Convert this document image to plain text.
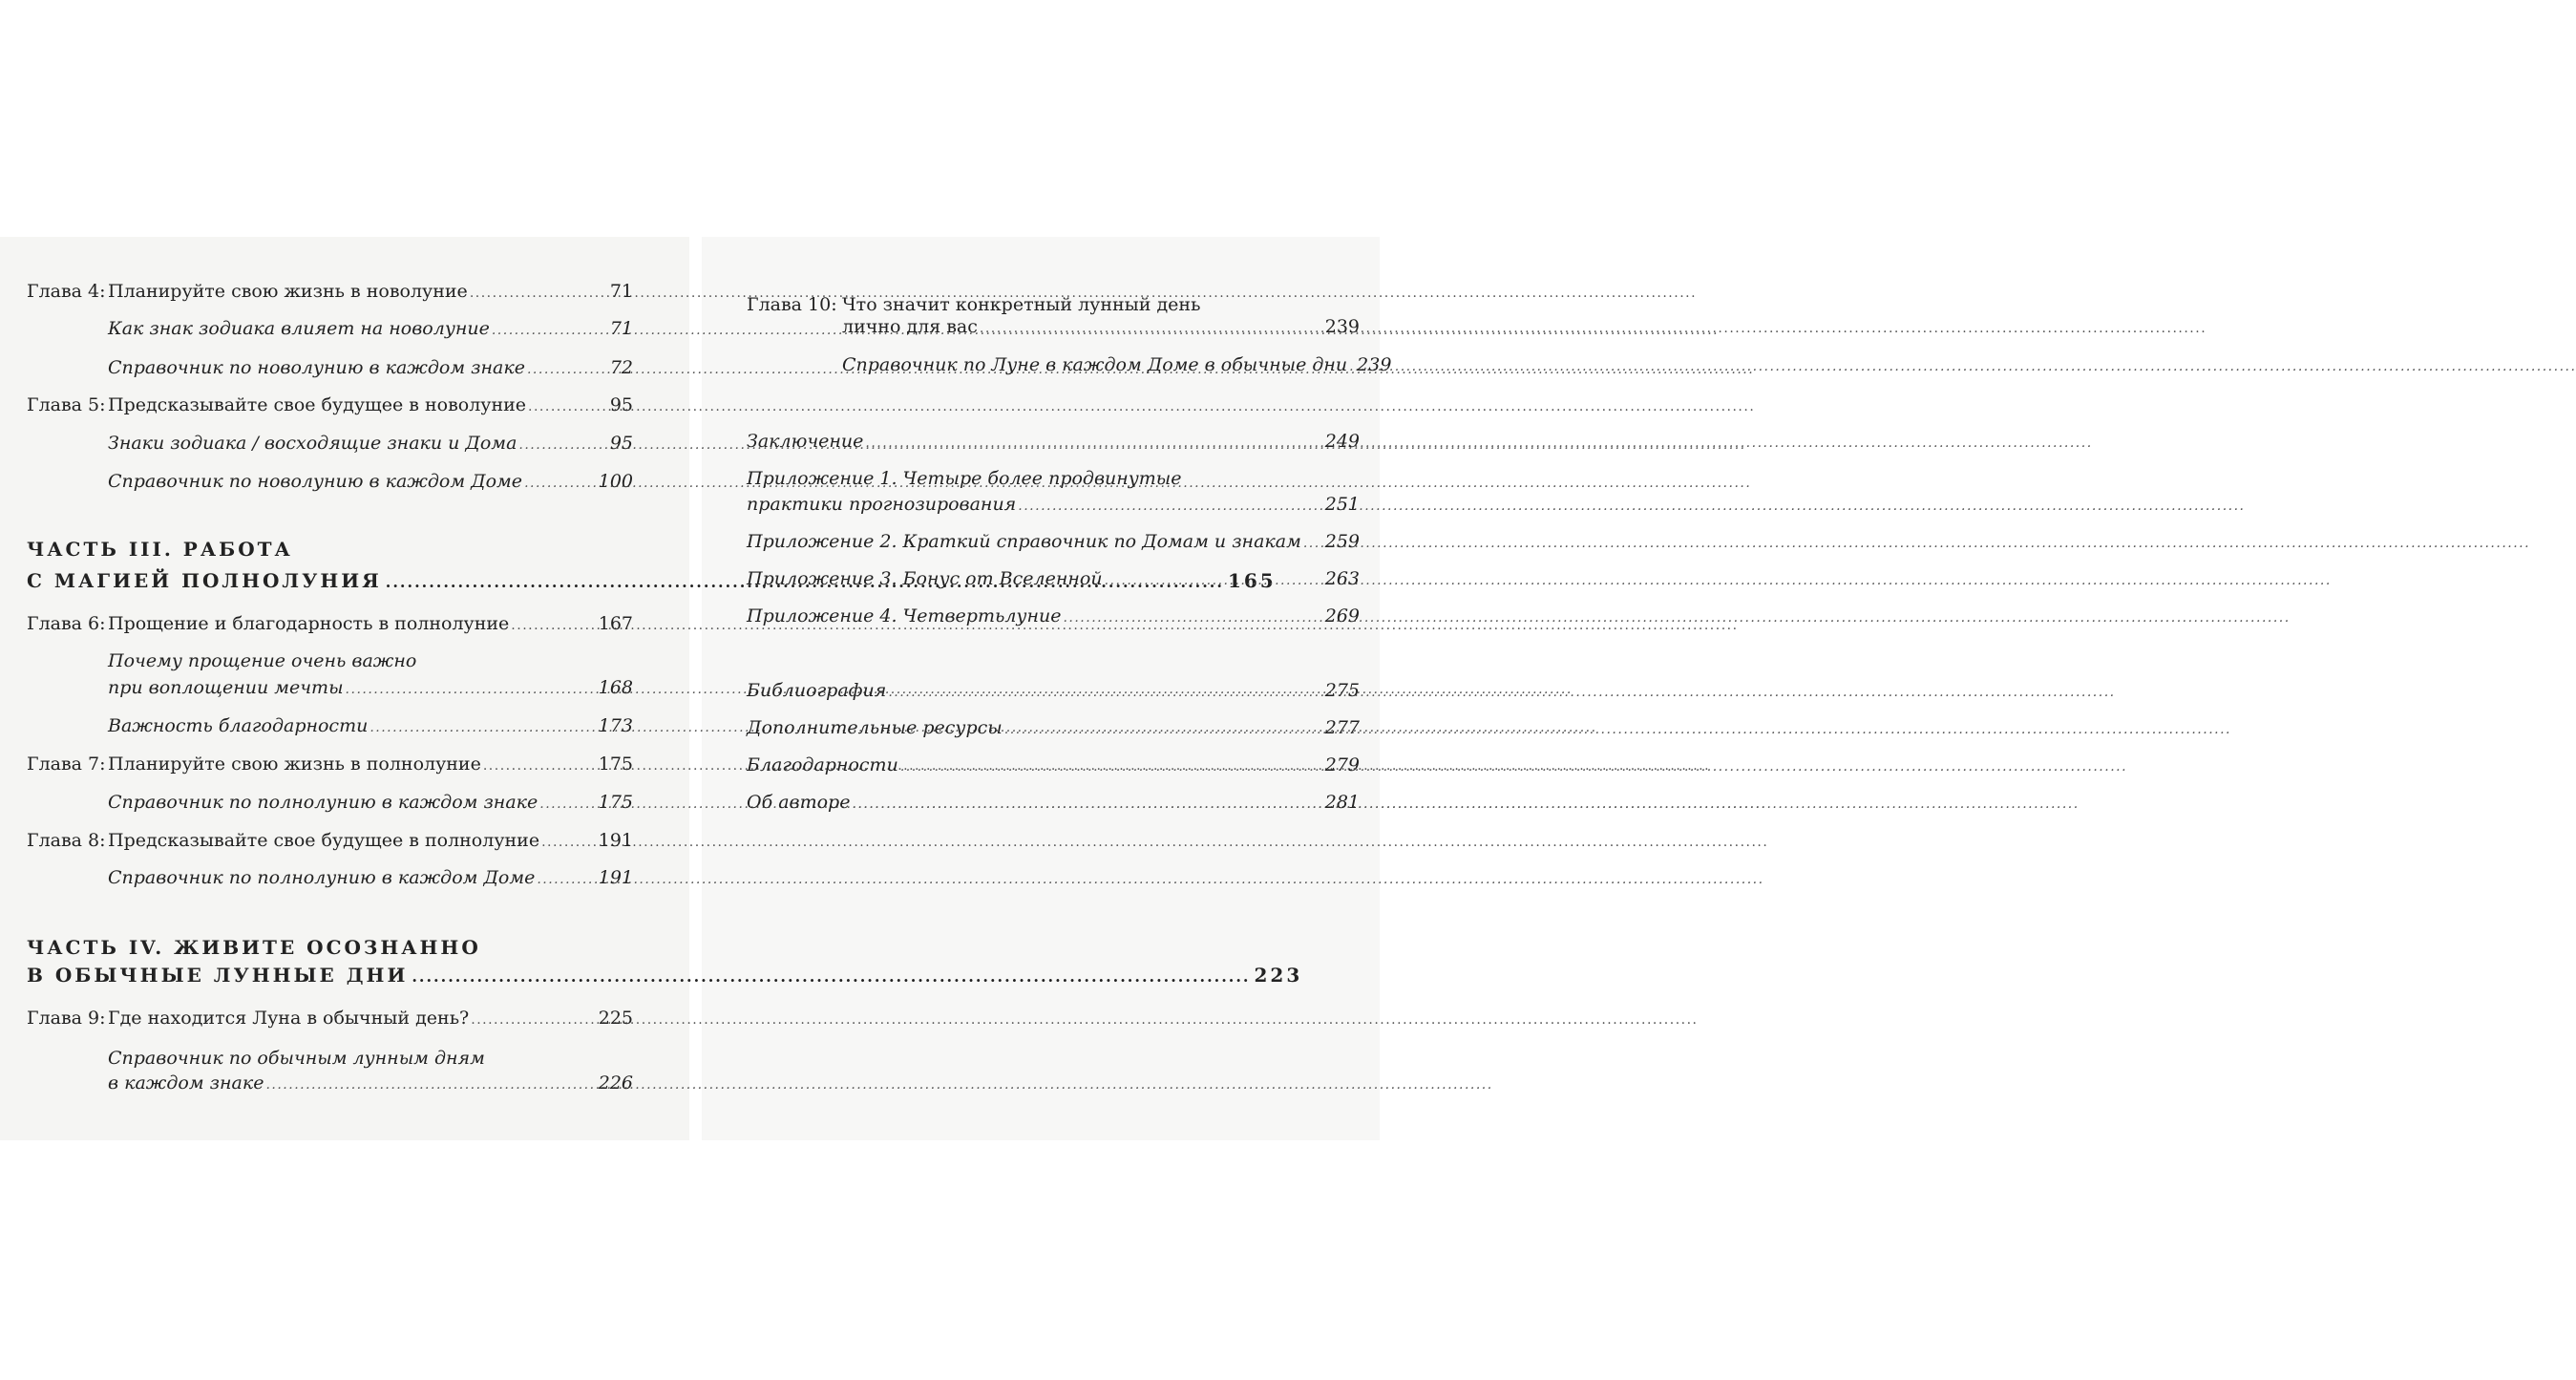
Глава 4: Планируйте свою жизнь в новолуние .....	71
Как знак зодиака влияет на новолуние .....	71
Справочник по новолунию в каждом знаке .....	72
Глава 5: Предсказывайте свое будущее в новолуние .....	95
Знаки зодиака / восходящие знаки и Дома .....	95
Справочник по новолунию в каждом Доме .....	100
ЧАСТЬ III. РАБОТА
С МАГИЕЙ ПОЛНОЛУНИЯ .....	165
Глава 6: Прощение и благодарность в полнолуние .....	167
Почему прощение очень важно
при воплощении мечты .....	168
Важность благодарности .....	173
Глава 7: Планируйте свою жизнь в полнолуние .....	175
Справочник по полнолунию в каждом знаке .....	175
Глава 8: Предсказывайте свое будущее в полнолуние .....	191
Справочник по полнолунию в каждом Доме .....	191
ЧАСТЬ IV. ЖИВИТЕ ОСОЗНАННО
В ОБЫЧНЫЕ ЛУННЫЕ ДНИ .....	223
Глава 9: Где находится Луна в обычный день? .....	225
Справочник по обычным лунным дням
в каждом знаке .....	226
Глава 10: Что значит конкретный лунный день
лично для вас .....	239
Справочник по Луне в каждом Доме в обычные дни ..... 239
Заключение .....	249
Приложение 1. Четыре более продвинутые
практики прогнозирования .....	251
Приложение 2. Краткий справочник по Домам и знакам ..... 259
Приложение 3. Бонус от Вселенной .....	263
Приложение 4. Четвертьлуние .....	269
Библиография .....	275
Дополнительные ресурсы .....	277
Благодарности .....	279
Об авторе .....	281
